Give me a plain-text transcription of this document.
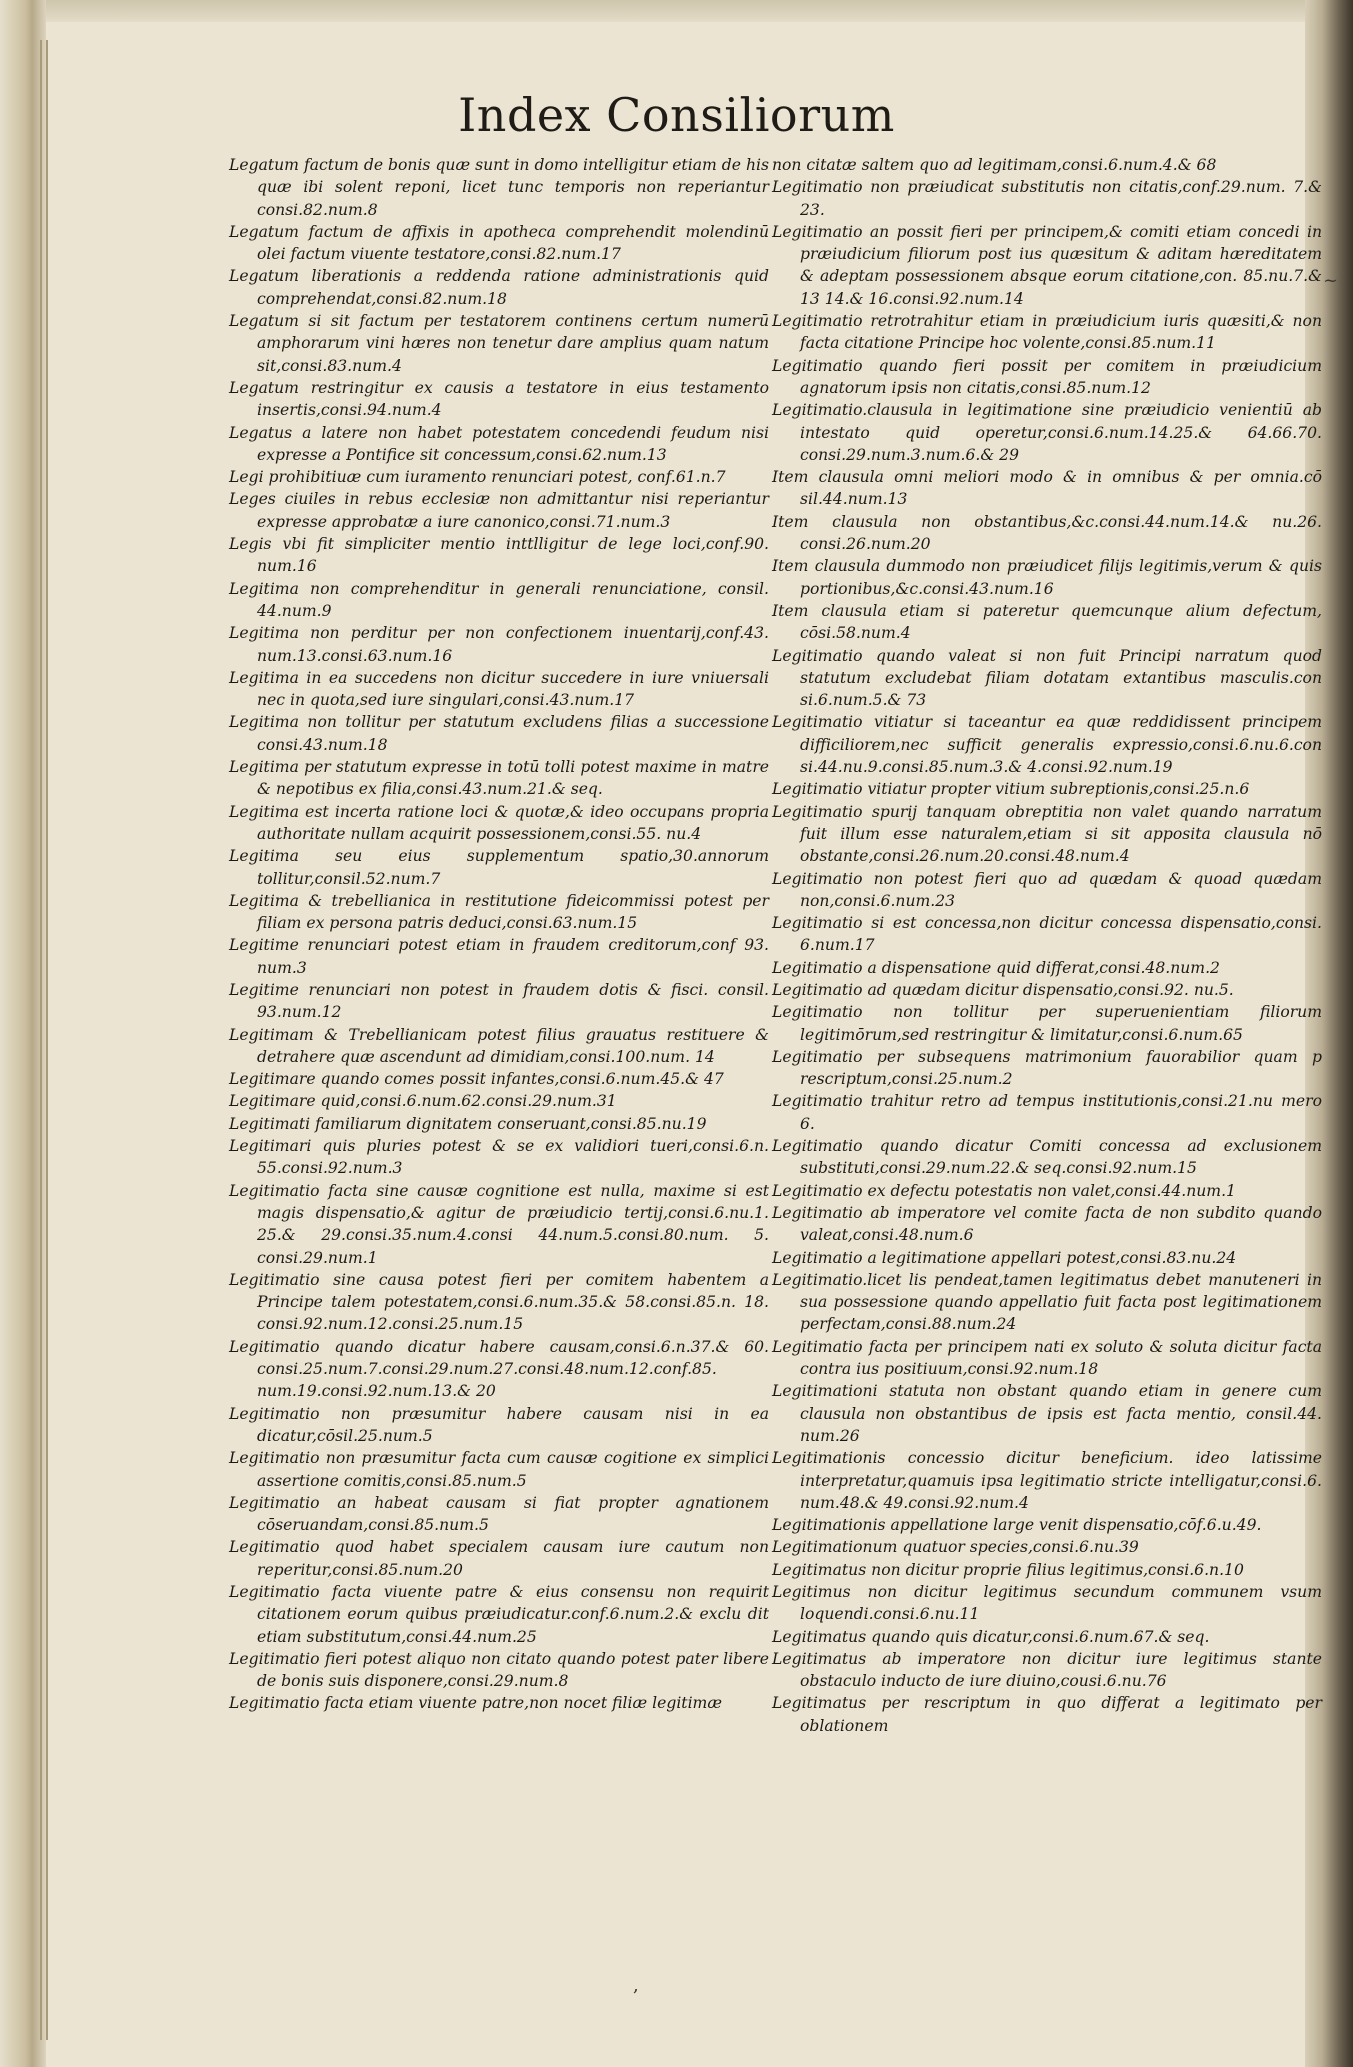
Index Consiliorum

Legatum factum de bonis quæ sunt in domo intelligitur etiam de his quæ ibi solent reponi, licet tunc temporis non reperiantur consi.82.num.8

Legatum factum de affixis in apotheca comprehendit molendinū olei factum viuente testatore,consi.82.num.17

Legatum liberationis a reddenda ratione administrationis quid comprehendat,consi.82.num.18

Legatum si sit factum per testatorem continens certum numerū amphorarum vini hæres non tenetur dare amplius quam natum sit,consi.83.num.4

Legatum restringitur ex causis a testatore in eius testamento insertis,consi.94.num.4

Legatus a latere non habet potestatem concedendi feudum nisi expresse a Pontifice sit concessum,consi.62.num.13

Legi prohibitiuæ cum iuramento renunciari potest, conf.61.n.7

Leges ciuiles in rebus ecclesiæ non admittantur nisi reperiantur expresse approbatæ a iure canonico,consi.71.num.3

Legis vbi fit simpliciter mentio inttlligitur de lege loci,conf.90. num.16

Legitima non comprehenditur in generali renunciatione, consil. 44.num.9

Legitima non perditur per non confectionem inuentarij,conf.43. num.13.consi.63.num.16

Legitima in ea succedens non dicitur succedere in iure vniuersali nec in quota,sed iure singulari,consi.43.num.17

Legitima non tollitur per statutum excludens filias a successione consi.43.num.18

Legitima per statutum expresse in totū tolli potest maxime in matre & nepotibus ex filia,consi.43.num.21.& seq.

Legitima est incerta ratione loci & quotæ,& ideo occupans propria authoritate nullam acquirit possessionem,consi.55. nu.4

Legitima seu eius supplementum spatio,30.annorum tollitur,consil.52.num.7

Legitima & trebellianica in restitutione fideicommissi potest per filiam ex persona patris deduci,consi.63.num.15

Legitime renunciari potest etiam in fraudem creditorum,conf 93. num.3

Legitime renunciari non potest in fraudem dotis & fisci. consil. 93.num.12

Legitimam & Trebellianicam potest filius grauatus restituere & detrahere quæ ascendunt ad dimidiam,consi.100.num. 14

Legitimare quando comes possit infantes,consi.6.num.45.& 47

Legitimare quid,consi.6.num.62.consi.29.num.31

Legitimati familiarum dignitatem conseruant,consi.85.nu.19

Legitimari quis pluries potest & se ex validiori tueri,consi.6.n. 55.consi.92.num.3

Legitimatio facta sine causæ cognitione est nulla, maxime si est magis dispensatio,& agitur de præiudicio tertij,consi.6.nu.1. 25.& 29.consi.35.num.4.consi 44.num.5.consi.80.num. 5. consi.29.num.1

Legitimatio sine causa potest fieri per comitem habentem a Principe talem potestatem,consi.6.num.35.& 58.consi.85.n. 18. consi.92.num.12.consi.25.num.15

Legitimatio quando dicatur habere causam,consi.6.n.37.& 60. consi.25.num.7.consi.29.num.27.consi.48.num.12.conf.85. num.19.consi.92.num.13.& 20

Legitimatio non præsumitur habere causam nisi in ea dicatur,cōsil.25.num.5

Legitimatio non præsumitur facta cum causæ cogitione ex simplici assertione comitis,consi.85.num.5

Legitimatio an habeat causam si fiat propter agnationem cōseruandam,consi.85.num.5

Legitimatio quod habet specialem causam iure cautum non reperitur,consi.85.num.20

Legitimatio facta viuente patre & eius consensu non requirit citationem eorum quibus præiudicatur.conf.6.num.2.& exclu dit etiam substitutum,consi.44.num.25

Legitimatio fieri potest aliquo non citato quando potest pater libere de bonis suis disponere,consi.29.num.8

Legitimatio facta etiam viuente patre,non nocet filiæ legitimæ

non citatæ saltem quo ad legitimam,consi.6.num.4.& 68

Legitimatio non præiudicat substitutis non citatis,conf.29.num. 7.& 23.

Legitimatio an possit fieri per principem,& comiti etiam concedi in præiudicium filiorum post ius quæsitum & aditam hæreditatem & adeptam possessionem absque eorum citatione,con. 85.nu.7.& 13 14.& 16.consi.92.num.14

Legitimatio retrotrahitur etiam in præiudicium iuris quæsiti,& non facta citatione Principe hoc volente,consi.85.num.11

Legitimatio quando fieri possit per comitem in præiudicium agnatorum ipsis non citatis,consi.85.num.12

Legitimatio.clausula in legitimatione sine præiudicio venientiū ab intestato quid operetur,consi.6.num.14.25.& 64.66.70. consi.29.num.3.num.6.& 29

Item clausula omni meliori modo & in omnibus & per omnia.cō sil.44.num.13

Item clausula non obstantibus,&c.consi.44.num.14.& nu.26. consi.26.num.20

Item clausula dummodo non præiudicet filijs legitimis,verum & quis portionibus,&c.consi.43.num.16

Item clausula etiam si pateretur quemcunque alium defectum, cōsi.58.num.4

Legitimatio quando valeat si non fuit Principi narratum quod statutum excludebat filiam dotatam extantibus masculis.con si.6.num.5.& 73

Legitimatio vitiatur si taceantur ea quæ reddidissent principem difficiliorem,nec sufficit generalis expressio,consi.6.nu.6.con si.44.nu.9.consi.85.num.3.& 4.consi.92.num.19

Legitimatio vitiatur propter vitium subreptionis,consi.25.n.6

Legitimatio spurij tanquam obreptitia non valet quando narratum fuit illum esse naturalem,etiam si sit apposita clausula nō obstante,consi.26.num.20.consi.48.num.4

Legitimatio non potest fieri quo ad quædam & quoad quædam non,consi.6.num.23

Legitimatio si est concessa,non dicitur concessa dispensatio,consi. 6.num.17

Legitimatio a dispensatione quid differat,consi.48.num.2

Legitimatio ad quædam dicitur dispensatio,consi.92. nu.5.

Legitimatio non tollitur per superuenientiam filiorum legitimōrum,sed restringitur & limitatur,consi.6.num.65

Legitimatio per subsequens matrimonium fauorabilior quam p rescriptum,consi.25.num.2

Legitimatio trahitur retro ad tempus institutionis,consi.21.nu mero 6.

Legitimatio quando dicatur Comiti concessa ad exclusionem substituti,consi.29.num.22.& seq.consi.92.num.15

Legitimatio ex defectu potestatis non valet,consi.44.num.1

Legitimatio ab imperatore vel comite facta de non subdito quando valeat,consi.48.num.6

Legitimatio a legitimatione appellari potest,consi.83.nu.24

Legitimatio.licet lis pendeat,tamen legitimatus debet manuteneri in sua possessione quando appellatio fuit facta post legitimationem perfectam,consi.88.num.24

Legitimatio facta per principem nati ex soluto & soluta dicitur facta contra ius positiuum,consi.92.num.18

Legitimationi statuta non obstant quando etiam in genere cum clausula non obstantibus de ipsis est facta mentio, consil.44. num.26

Legitimationis concessio dicitur beneficium. ideo latissime interpretatur,quamuis ipsa legitimatio stricte intelligatur,consi.6. num.48.& 49.consi.92.num.4

Legitimationis appellatione large venit dispensatio,cōf.6.u.49.

Legitimationum quatuor species,consi.6.nu.39

Legitimatus non dicitur proprie filius legitimus,consi.6.n.10

Legitimus non dicitur legitimus secundum communem vsum loquendi.consi.6.nu.11

Legitimatus quando quis dicatur,consi.6.num.67.& seq.

Legitimatus ab imperatore non dicitur iure legitimus stante obstaculo inducto de iure diuino,cousi.6.nu.76

Legitimatus per rescriptum in quo differat a legitimato per oblationem

~
,
